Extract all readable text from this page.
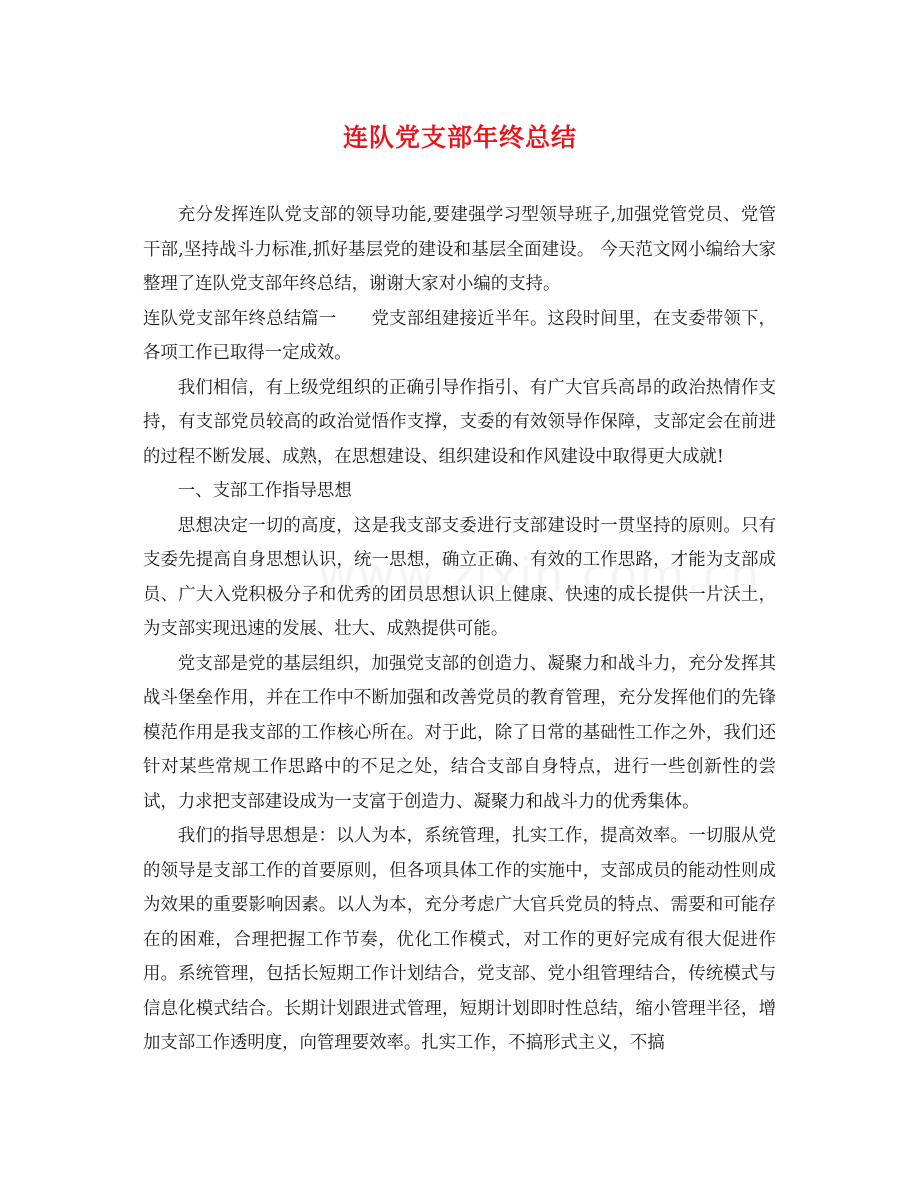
连队党支部年终总结

充分发挥连队党支部的领导功能,要建强学习型领导班子,加强党管党员、党管干部,坚持战斗力标准,抓好基层党的建设和基层全面建设。 今天范文网小编给大家整理了连队党支部年终总结，谢谢大家对小编的支持。

连队党支部年终总结篇一　　党支部组建接近半年。这段时间里，在支委带领下，各项工作已取得一定成效。

我们相信，有上级党组织的正确引导作指引、有广大官兵高昂的政治热情作支持，有支部党员较高的政治觉悟作支撑，支委的有效领导作保障，支部定会在前进的过程不断发展、成熟，在思想建设、组织建设和作风建设中取得更大成就!

一、支部工作指导思想

思想决定一切的高度，这是我支部支委进行支部建设时一贯坚持的原则。只有支委先提高自身思想认识，统一思想，确立正确、有效的工作思路，才能为支部成员、广大入党积极分子和优秀的团员思想认识上健康、快速的成长提供一片沃土，为支部实现迅速的发展、壮大、成熟提供可能。

党支部是党的基层组织，加强党支部的创造力、凝聚力和战斗力，充分发挥其战斗堡垒作用，并在工作中不断加强和改善党员的教育管理，充分发挥他们的先锋模范作用是我支部的工作核心所在。对于此，除了日常的基础性工作之外，我们还针对某些常规工作思路中的不足之处，结合支部自身特点，进行一些创新性的尝试，力求把支部建设成为一支富于创造力、凝聚力和战斗力的优秀集体。

我们的指导思想是：以人为本，系统管理，扎实工作，提高效率。一切服从党的领导是支部工作的首要原则，但各项具体工作的实施中，支部成员的能动性则成为效果的重要影响因素。以人为本，充分考虑广大官兵党员的特点、需要和可能存在的困难，合理把握工作节奏，优化工作模式，对工作的更好完成有很大促进作用。系统管理，包括长短期工作计划结合，党支部、党小组管理结合，传统模式与信息化模式结合。长期计划跟进式管理，短期计划即时性总结，缩小管理半径，增加支部工作透明度，向管理要效率。扎实工作，不搞形式主义，不搞
